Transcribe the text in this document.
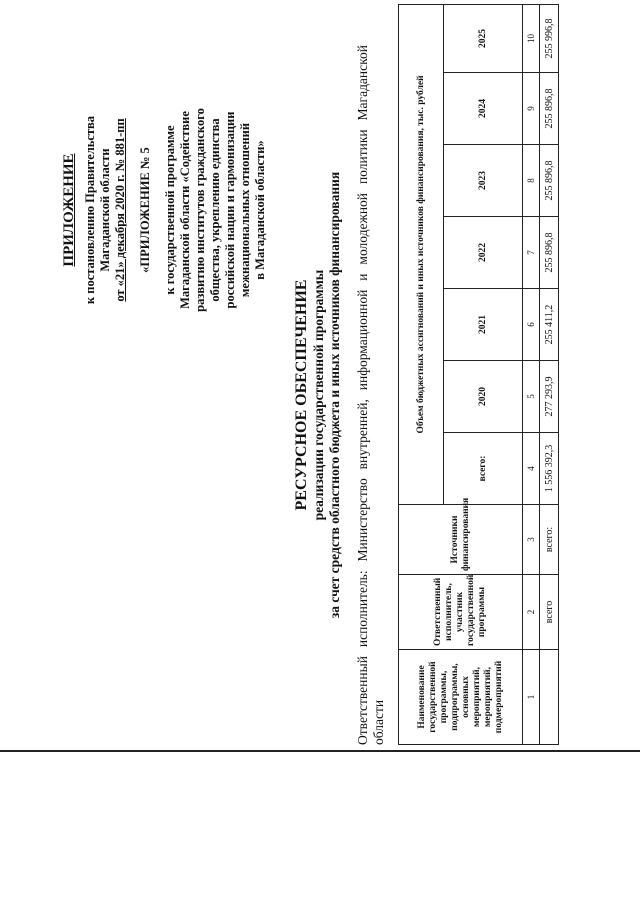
ПРИЛОЖЕНИЕ к постановлению Правительства Магаданской области от «21» декабря 2020 г. № 881-пп «ПРИЛОЖЕНИЕ № 5 к государственной программе Магаданской области «Содействие развитию институтов гражданского общества, укреплению единства российской нации и гармонизации межнациональных отношений в Магаданской области»
РЕСУРСНОЕ ОБЕСПЕЧЕНИЕ реализации государственной программы за счет средств областного бюджета и иных источников финансирования Ответственный исполнитель: Министерство внутренней, информационной и молодежной политики Магаданской области	Наименование государственной программы, подпрограммы, основных мероприятий, мероприятий, подмероприятий	Ответственный исполнитель, участник государственной программы	Источники финансирования	Объем бюджетных ассигнований и иных источников финансирования, тыс. рублей						
			всего:	2020	2021	2022	2023	2024	2025
1	2	3	4	5	6	7	8	9	10
	всего	всего:	1 556 392,3	277 293,9	255 411,2	255 896,8	255 896,8	255 896,8	255 996,8
